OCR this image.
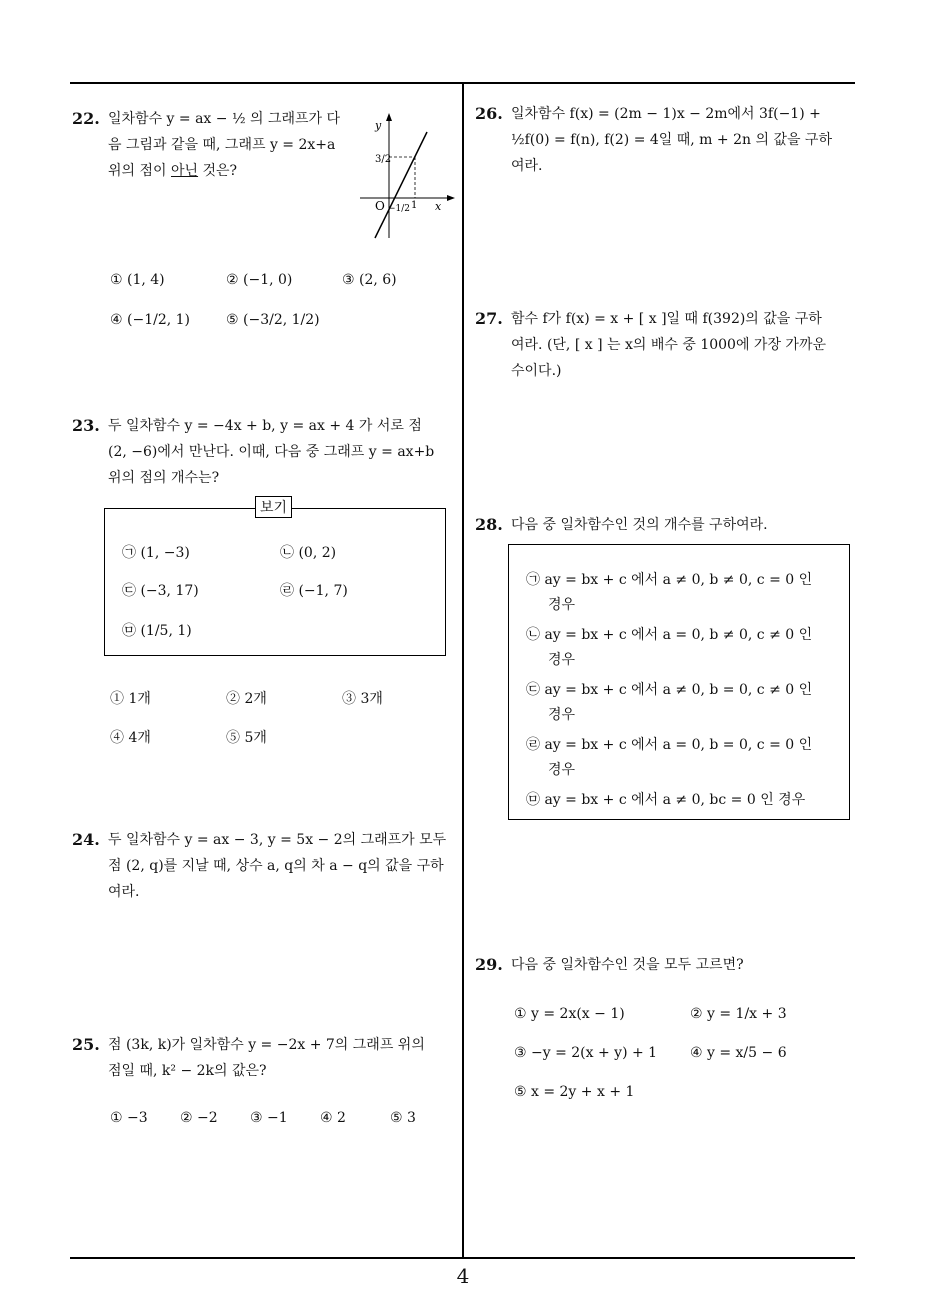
22. 일차함수 y = ax − ½ 의 그래프가 다
음 그림과 같을 때, 그래프 y = 2x+a
위의 점이 아닌 것은?
y
x
O
3/2
−1/2 1
① (1, 4)	② (−1, 0)	③ (2, 6)
④ (−1/2, 1)	⑤ (−3/2, 1/2)
23. 두 일차함수 y = −4x + b, y = ax + 4 가 서로 점
(2, −6)에서 만난다. 이때, 다음 중 그래프 y = ax+b
위의 점의 개수는?
보기
㉠ (1, −3)	㉡ (0, 2)
㉢ (−3, 17)	㉣ (−1, 7)
㉤ (1/5, 1)
① 1개	② 2개	③ 3개
④ 4개	⑤ 5개
24. 두 일차함수 y = ax − 3, y = 5x − 2의 그래프가 모두
점 (2, q)를 지날 때, 상수 a, q의 차 a − q의 값을 구하
여라.
25. 점 (3k, k)가 일차함수 y = −2x + 7의 그래프 위의
점일 때, k² − 2k의 값은?
① −3 ② −2 ③ −1 ④ 2	⑤ 3
26. 일차함수 f(x) = (2m − 1)x − 2m에서 3f(−1) +
½f(0) = f(n), f(2) = 4일 때, m + 2n 의 값을 구하
여라.
27. 함수 f가 f(x) = x + [ x ]일 때 f(392)의 값을 구하
여라. (단, [ x ] 는 x의 배수 중 1000에 가장 가까운
수이다.)
28. 다음 중 일차함수인 것의 개수를 구하여라.
㉠ ay = bx + c 에서 a ≠ 0, b ≠ 0, c = 0 인
경우
㉡ ay = bx + c 에서 a = 0, b ≠ 0, c ≠ 0 인
경우
㉢ ay = bx + c 에서 a ≠ 0, b = 0, c ≠ 0 인
경우
㉣ ay = bx + c 에서 a = 0, b = 0, c = 0 인
경우
㉤ ay = bx + c 에서 a ≠ 0, bc = 0 인 경우
29. 다음 중 일차함수인 것을 모두 고르면?
① y = 2x(x − 1)	② y = 1/x + 3
③ −y = 2(x + y) + 1 ④ y = x/5 − 6
⑤ x = 2y + x + 1
4
